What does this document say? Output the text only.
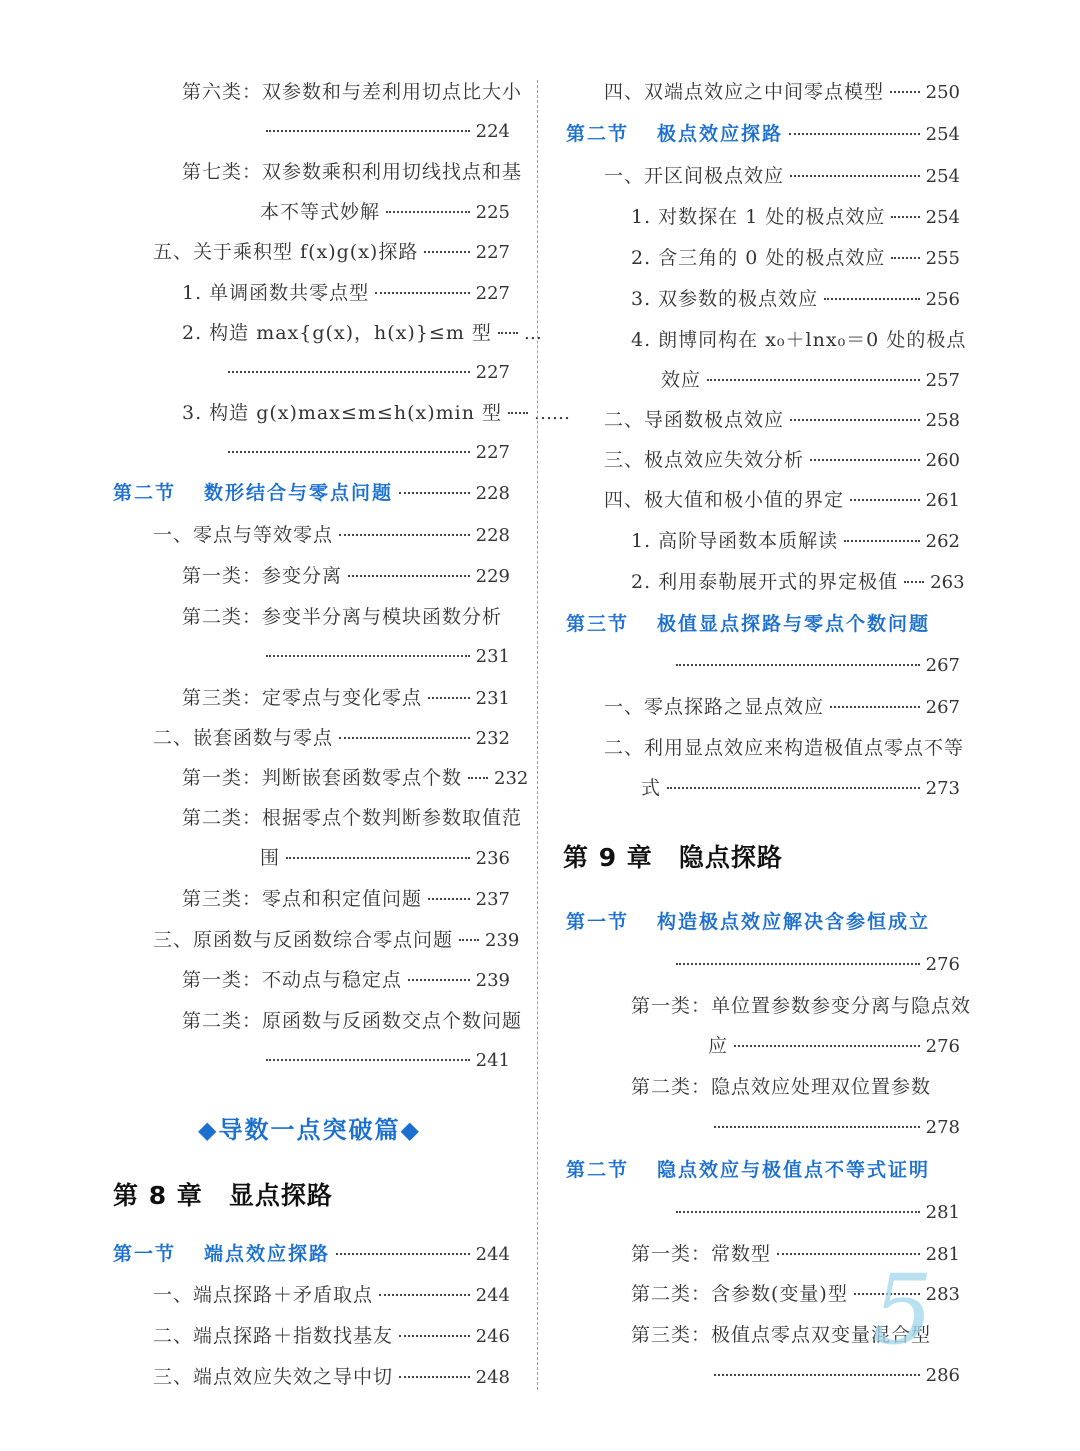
第六类：双参数和与差利用切点比大小
224
第七类：双参数乘积利用切线找点和基
本不等式妙解	225
五、关于乘积型 f(x)g(x)探路	227
1. 单调函数共零点型	227
2. 构造 max{g(x)，h(x)}≤m 型 …
227
3. 构造 g(x)max≤m≤h(x)min 型 ……
227
第二节 数形结合与零点问题	228
一、零点与等效零点	228
第一类：参变分离	229
第二类：参变半分离与模块函数分析
231
第三类：定零点与变化零点	231
二、嵌套函数与零点	232
第一类：判断嵌套函数零点个数 232
第二类：根据零点个数判断参数取值范
围	236
第三类：零点和积定值问题	237
三、原函数与反函数综合零点问题 239
第一类：不动点与稳定点	239
第二类：原函数与反函数交点个数问题
241
第一节 端点效应探路	244
一、端点探路＋矛盾取点	244
二、端点探路＋指数找基友	246
三、端点效应失效之导中切	248
四、双端点效应之中间零点模型 250
第二节 极点效应探路	254
一、开区间极点效应	254
1. 对数探在 1 处的极点效应 254
2. 含三角的 0 处的极点效应 255
3. 双参数的极点效应	256
4. 朗博同构在 x₀＋lnx₀＝0 处的极点
效应	257
二、导函数极点效应	258
三、极点效应失效分析	260
四、极大值和极小值的界定	261
1. 高阶导函数本质解读	262
2. 利用泰勒展开式的界定极值 263
第三节 极值显点探路与零点个数问题
267
一、零点探路之显点效应	267
二、利用显点效应来构造极值点零点不等
式	273
第一节 构造极点效应解决含参恒成立
276
第一类：单位置参数参变分离与隐点效
应	276
第二类：隐点效应处理双位置参数
278
第二节 隐点效应与极值点不等式证明
281
第一类：常数型	281
第二类：含参数(变量)型	283
第三类：极值点零点双变量混合型
286
◆导数一点突破篇◆
第 8 章 显点探路
第 9 章 隐点探路
5
